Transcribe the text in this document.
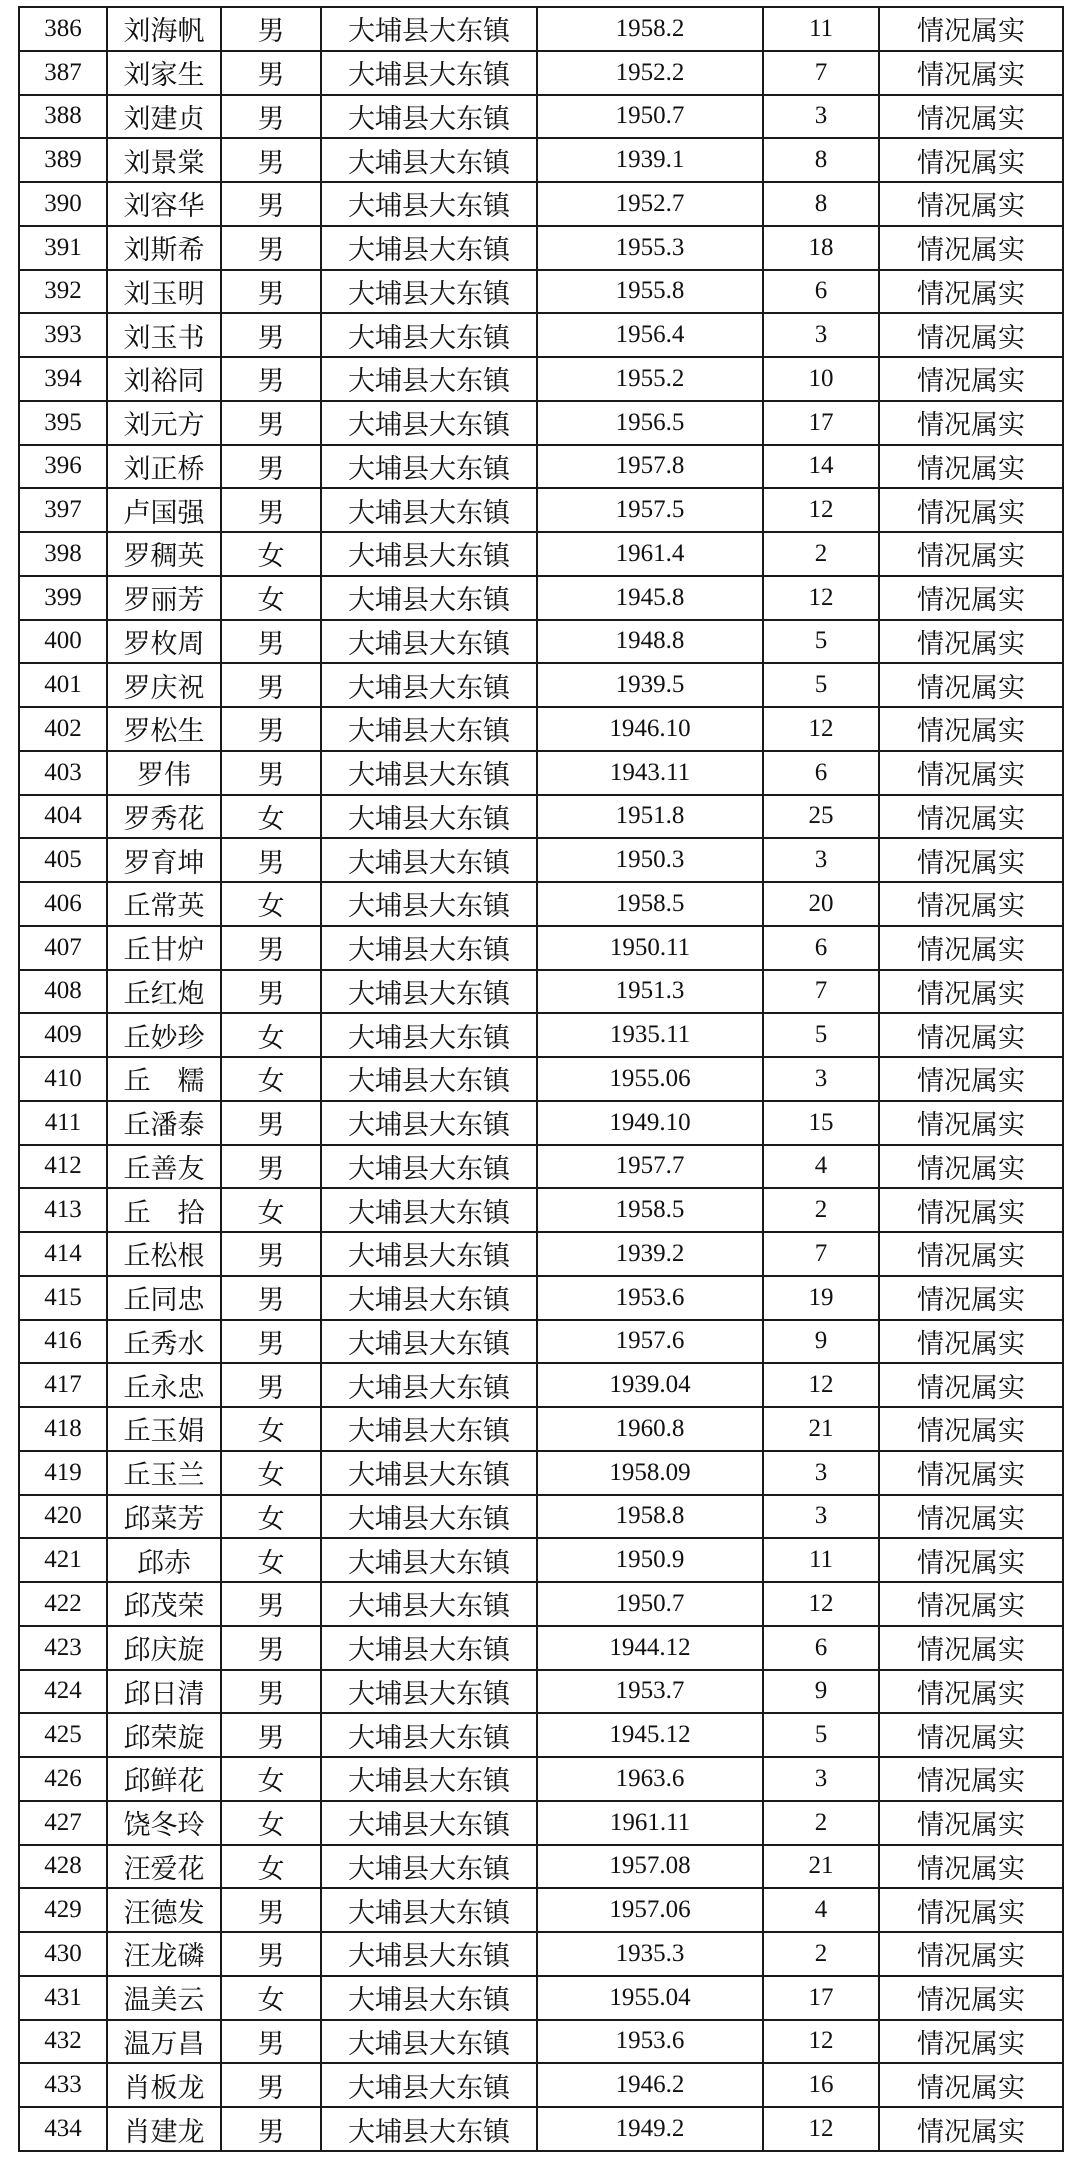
386	刘海帆	男	大埔县大东镇	1958.2	11	情况属实
387	刘家生	男	大埔县大东镇	1952.2	7	情况属实
388	刘建贞	男	大埔县大东镇	1950.7	3	情况属实
389	刘景棠	男	大埔县大东镇	1939.1	8	情况属实
390	刘容华	男	大埔县大东镇	1952.7	8	情况属实
391	刘斯希	男	大埔县大东镇	1955.3	18	情况属实
392	刘玉明	男	大埔县大东镇	1955.8	6	情况属实
393	刘玉书	男	大埔县大东镇	1956.4	3	情况属实
394	刘裕同	男	大埔县大东镇	1955.2	10	情况属实
395	刘元方	男	大埔县大东镇	1956.5	17	情况属实
396	刘正桥	男	大埔县大东镇	1957.8	14	情况属实
397	卢国强	男	大埔县大东镇	1957.5	12	情况属实
398	罗稠英	女	大埔县大东镇	1961.4	2	情况属实
399	罗丽芳	女	大埔县大东镇	1945.8	12	情况属实
400	罗枚周	男	大埔县大东镇	1948.8	5	情况属实
401	罗庆祝	男	大埔县大东镇	1939.5	5	情况属实
402	罗松生	男	大埔县大东镇	1946.10	12	情况属实
403	罗伟	男	大埔县大东镇	1943.11	6	情况属实
404	罗秀花	女	大埔县大东镇	1951.8	25	情况属实
405	罗育坤	男	大埔县大东镇	1950.3	3	情况属实
406	丘常英	女	大埔县大东镇	1958.5	20	情况属实
407	丘甘炉	男	大埔县大东镇	1950.11	6	情况属实
408	丘红炮	男	大埔县大东镇	1951.3	7	情况属实
409	丘妙珍	女	大埔县大东镇	1935.11	5	情况属实
410	丘　糯	女	大埔县大东镇	1955.06	3	情况属实
411	丘潘泰	男	大埔县大东镇	1949.10	15	情况属实
412	丘善友	男	大埔县大东镇	1957.7	4	情况属实
413	丘　拾	女	大埔县大东镇	1958.5	2	情况属实
414	丘松根	男	大埔县大东镇	1939.2	7	情况属实
415	丘同忠	男	大埔县大东镇	1953.6	19	情况属实
416	丘秀水	男	大埔县大东镇	1957.6	9	情况属实
417	丘永忠	男	大埔县大东镇	1939.04	12	情况属实
418	丘玉娟	女	大埔县大东镇	1960.8	21	情况属实
419	丘玉兰	女	大埔县大东镇	1958.09	3	情况属实
420	邱菜芳	女	大埔县大东镇	1958.8	3	情况属实
421	邱赤	女	大埔县大东镇	1950.9	11	情况属实
422	邱茂荣	男	大埔县大东镇	1950.7	12	情况属实
423	邱庆旋	男	大埔县大东镇	1944.12	6	情况属实
424	邱日清	男	大埔县大东镇	1953.7	9	情况属实
425	邱荣旋	男	大埔县大东镇	1945.12	5	情况属实
426	邱鲜花	女	大埔县大东镇	1963.6	3	情况属实
427	饶冬玲	女	大埔县大东镇	1961.11	2	情况属实
428	汪爱花	女	大埔县大东镇	1957.08	21	情况属实
429	汪德发	男	大埔县大东镇	1957.06	4	情况属实
430	汪龙磷	男	大埔县大东镇	1935.3	2	情况属实
431	温美云	女	大埔县大东镇	1955.04	17	情况属实
432	温万昌	男	大埔县大东镇	1953.6	12	情况属实
433	肖板龙	男	大埔县大东镇	1946.2	16	情况属实
434	肖建龙	男	大埔县大东镇	1949.2	12	情况属实
